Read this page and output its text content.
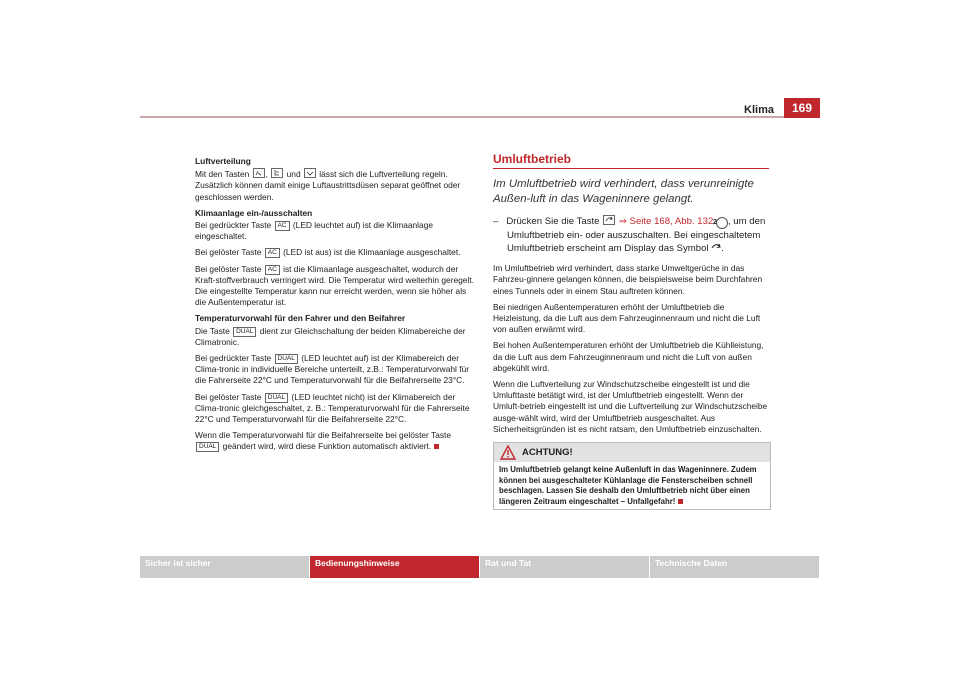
Klima	169
Luftverteilung

Mit den Tasten , und lässt sich die Luftverteilung regeln. Zusätzlich können damit einige Luftaustrittsdüsen separat geöffnet oder geschlossen werden.

Klimaanlage ein-/ausschalten

Bei gedrückter Taste AC (LED leuchtet auf) ist die Klimaanlage eingeschaltet.

Bei gelöster Taste AC (LED ist aus) ist die Klimaanlage ausgeschaltet.

Bei gelöster Taste AC ist die Klimaanlage ausgeschaltet, wodurch der Kraft-stoffverbrauch verringert wird. Die Temperatur wird weiterhin geregelt. Die eingestellte Temperatur kann nur erreicht werden, wenn sie höher als die Außentemperatur ist.

Temperaturvorwahl für den Fahrer und den Beifahrer

Die Taste DUAL dient zur Gleichschaltung der beiden Klimabereiche der Climatronic.

Bei gedrückter Taste DUAL (LED leuchtet auf) ist der Klimabereich der Clima-tronic in individuelle Bereiche unterteilt, z.B.: Temperaturvorwahl für die Fahrerseite 22°C und Temperaturvorwahl für die Beifahrerseite 23°C.

Bei gelöster Taste DUAL (LED leuchtet nicht) ist der Klimabereich der Clima-tronic gleichgeschaltet, z. B.: Temperaturvorwahl für die Fahrerseite 22°C und Temperaturvorwahl für die Beifahrerseite 22°C.

Wenn die Temperaturvorwahl für die Beifahrerseite bei gelöster Taste DUAL geändert wird, wird diese Funktion automatisch aktiviert.

Umluftbetrieb

Im Umluftbetrieb wird verhindert, dass verunreinigte Außen-luft in das Wageninnere gelangt.

– Drücken Sie die Taste ⇒ Seite 168, Abb. 132 2 , um den Umluftbetrieb ein- oder auszuschalten. Bei eingeschaltetem Umluftbetrieb erscheint am Display das Symbol .

Im Umluftbetrieb wird verhindert, dass starke Umweltgerüche in das Fahrzeu-ginnere gelangen können, die beispielsweise beim Durchfahren eines Tunnels oder in einem Stau auftreten können.

Bei niedrigen Außentemperaturen erhöht der Umluftbetrieb die Heizleistung, da die Luft aus dem Fahrzeuginnenraum und nicht die Luft von außen erwärmt wird.

Bei hohen Außentemperaturen erhöht der Umluftbetrieb die Kühlleistung, da die Luft aus dem Fahrzeuginnenraum und nicht die Luft von außen abgekühlt wird.

Wenn die Luftverteilung zur Windschutzscheibe eingestellt ist und die Umlufttaste betätigt wird, ist der Umluftbetrieb eingestellt. Wenn der Umluft-betrieb eingestellt ist und die Luftverteilung zur Windschutzscheibe ausge-wählt wird, wird der Umluftbetrieb ausgeschaltet. Aus Sicherheitsgründen ist es nicht ratsam, den Umluftbetrieb einzuschalten.

ACHTUNG!
Im Umluftbetrieb gelangt keine Außenluft in das Wageninnere. Zudem können bei ausgeschalteter Kühlanlage die Fensterscheiben schnell beschlagen. Lassen Sie deshalb den Umluftbetrieb nicht über einen längeren Zeitraum eingeschaltet – Unfallgefahr!
Sicher ist sicher	Bedienungshinweise	Rat und Tat	Technische Daten
